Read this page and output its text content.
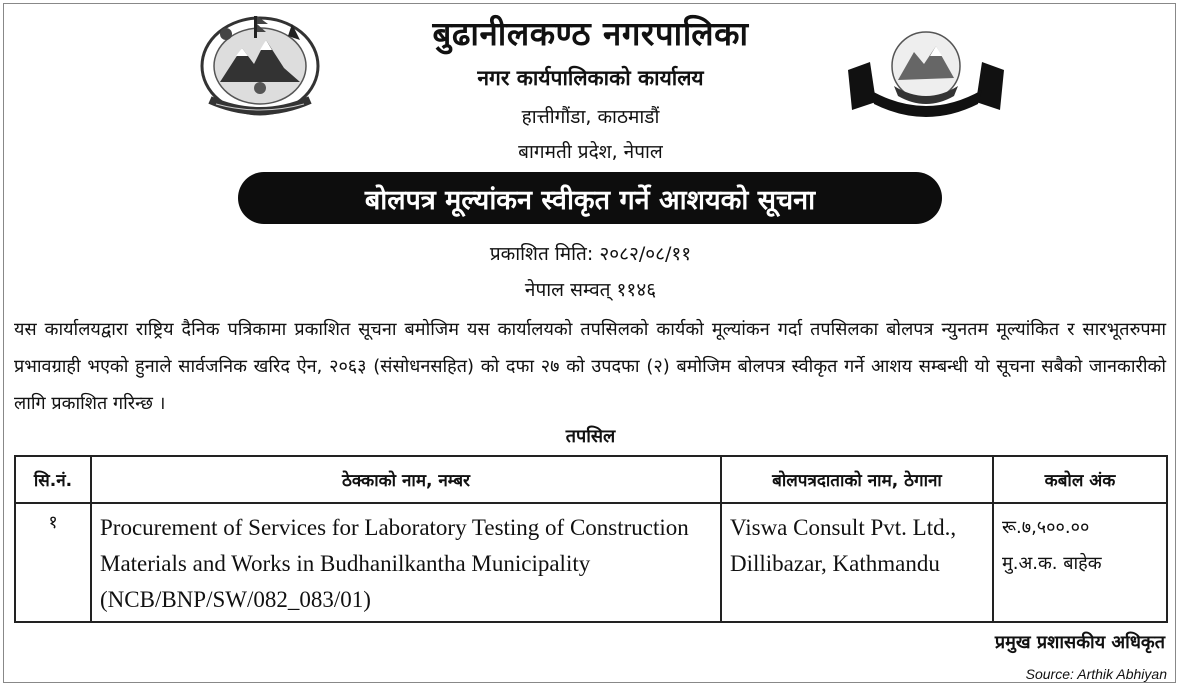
बुढानीलकण्ठ नगरपालिका
नगर कार्यपालिकाको कार्यालय
हात्तीगौंडा, काठमाडौं
बागमती प्रदेश, नेपाल
बोलपत्र मूल्यांकन स्वीकृत गर्ने आशयको सूचना
प्रकाशित मिति: २०८२/०८/११
नेपाल सम्वत् ११४६
यस कार्यालयद्वारा राष्ट्रिय दैनिक पत्रिकामा प्रकाशित सूचना बमोजिम यस कार्यालयको तपसिलको कार्यको मूल्यांकन गर्दा तपसिलका बोलपत्र न्युनतम मूल्यांकित र सारभूतरुपमा प्रभावग्राही भएको हुनाले सार्वजनिक खरिद ऐन, २०६३ (संसोधनसहित) को दफा २७ को उपदफा (२) बमोजिम बोलपत्र स्वीकृत गर्ने आशय सम्बन्धी यो सूचना सबैको जानकारीको लागि प्रकाशित गरिन्छ ।
तपसिल
सि.नं.	ठेक्काको नाम, नम्बर	बोलपत्रदाताको नाम, ठेगाना	कबोल अंक
१	Procurement of Services for Laboratory Testing of Construction Materials and Works in Budhanilkantha Municipality (NCB/BNP/SW/082_083/01)	Viswa Consult Pvt. Ltd., Dillibazar, Kathmandu	रू.७,५००.००
मु.अ.क. बाहेक
प्रमुख प्रशासकीय अधिकृत
Source: Arthik Abhiyan
